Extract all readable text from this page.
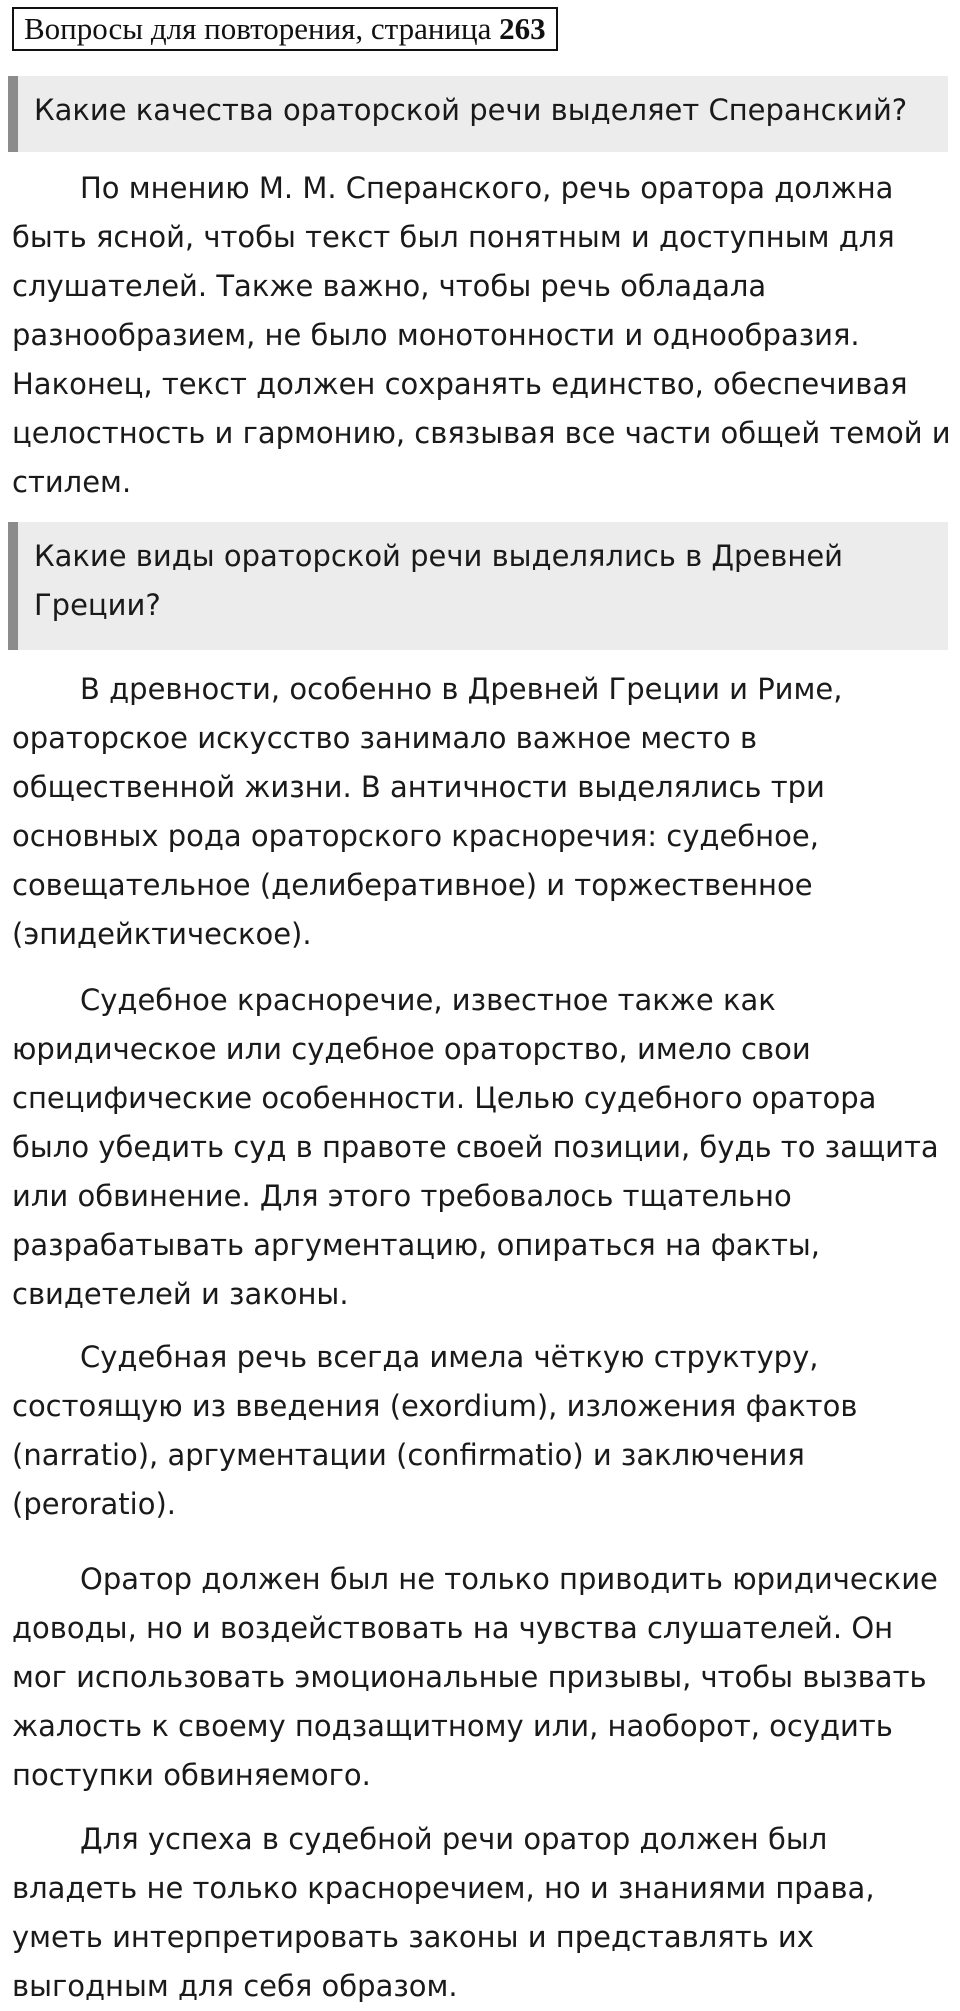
Вопросы для повторения, страница 263
Какие качества ораторской речи выделяет Сперанский?

По мнению М. М. Сперанского, речь оратора должна быть ясной, чтобы текст был понятным и доступным для слушателей. Также важно, чтобы речь обладала разнообразием, не было монотонности и однообразия. Наконец, текст должен сохранять единство, обеспечивая целостность и гармонию, связывая все части общей темой и стилем.

Какие виды ораторской речи выделялись в Древней Греции?

В древности, особенно в Древней Греции и Риме, ораторское искусство занимало важное место в общественной жизни. В античности выделялись три основных рода ораторского красноречия: судебное, совещательное (делиберативное) и торжественное (эпидейктическое).

Судебное красноречие, известное также как юридическое или судебное ораторство, имело свои специфические особенности. Целью судебного оратора было убедить суд в правоте своей позиции, будь то защита или обвинение. Для этого требовалось тщательно разрабатывать аргументацию, опираться на факты, свидетелей и законы.

Судебная речь всегда имела чёткую структуру, состоящую из введения (exordium), изложения фактов (narratio), аргументации (confirmatio) и заключения (peroratio).

Оратор должен был не только приводить юридические доводы, но и воздействовать на чувства слушателей. Он мог использовать эмоциональные призывы, чтобы вызвать жалость к своему подзащитному или, наоборот, осудить поступки обвиняемого.

Для успеха в судебной речи оратор должен был владеть не только красноречием, но и знаниями права, уметь интерпретировать законы и представлять их выгодным для себя образом.
